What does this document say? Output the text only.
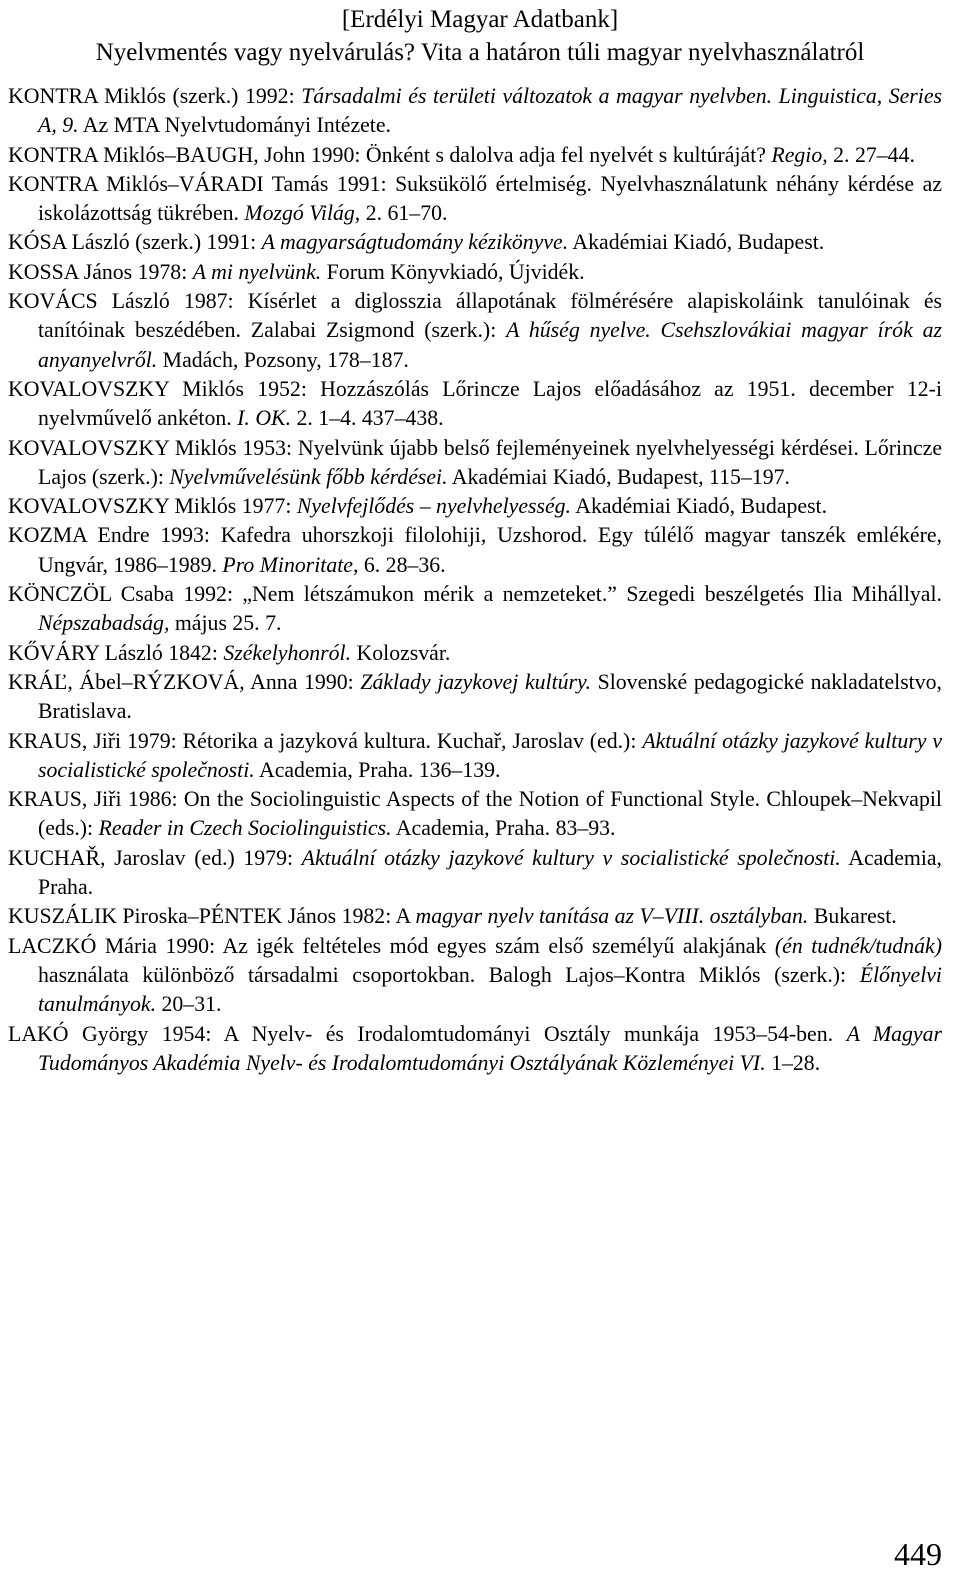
[Erdélyi Magyar Adatbank]
Nyelvmentés vagy nyelvárulás? Vita a határon túli magyar nyelvhasználatról

KONTRA Miklós (szerk.) 1992: Társadalmi és területi változatok a magyar nyelvben. Linguistica, Series A, 9. Az MTA Nyelvtudományi Intézete.

KONTRA Miklós–BAUGH, John 1990: Önként s dalolva adja fel nyelvét s kultúráját? Regio, 2. 27–44.

KONTRA Miklós–VÁRADI Tamás 1991: Suksükölő értelmiség. Nyelvhasználatunk néhány kérdése az iskolázottság tükrében. Mozgó Világ, 2. 61–70.

KÓSA László (szerk.) 1991: A magyarságtudomány kézikönyve. Akadémiai Kiadó, Budapest.

KOSSA János 1978: A mi nyelvünk. Forum Könyvkiadó, Újvidék.

KOVÁCS László 1987: Kísérlet a diglosszia állapotának fölmérésére alapiskoláink tanulóinak és tanítóinak beszédében. Zalabai Zsigmond (szerk.): A hűség nyelve. Csehszlovákiai magyar írók az anyanyelvről. Madách, Pozsony, 178–187.

KOVALOVSZKY Miklós 1952: Hozzászólás Lőrincze Lajos előadásához az 1951. december 12-i nyelvművelő ankéton. I. OK. 2. 1–4. 437–438.

KOVALOVSZKY Miklós 1953: Nyelvünk újabb belső fejleményeinek nyelvhelyességi kérdései. Lőrincze Lajos (szerk.): Nyelvművelésünk főbb kérdései. Akadémiai Kiadó, Budapest, 115–197.

KOVALOVSZKY Miklós 1977: Nyelvfejlődés – nyelvhelyesség. Akadémiai Kiadó, Budapest.

KOZMA Endre 1993: Kafedra uhorszkoji filolohiji, Uzshorod. Egy túlélő magyar tanszék emlékére, Ungvár, 1986–1989. Pro Minoritate, 6. 28–36.

KÖNCZÖL Csaba 1992: „Nem létszámukon mérik a nemzeteket.” Szegedi beszélgetés Ilia Mihállyal. Népszabadság, május 25. 7.

KŐVÁRY László 1842: Székelyhonról. Kolozsvár.

KRÁĽ, Ábel–RÝZKOVÁ, Anna 1990: Základy jazykovej kultúry. Slovenské pedagogické nakladatelstvo, Bratislava.

KRAUS, Jiři 1979: Rétorika a jazyková kultura. Kuchař, Jaroslav (ed.): Aktuální otázky jazykové kultury v socialistické společnosti. Academia, Praha. 136–139.

KRAUS, Jiři 1986: On the Sociolinguistic Aspects of the Notion of Functional Style. Chloupek–Nekvapil (eds.): Reader in Czech Sociolinguistics. Academia, Praha. 83–93.

KUCHAŘ, Jaroslav (ed.) 1979: Aktuální otázky jazykové kultury v socialistické společnosti. Academia, Praha.

KUSZÁLIK Piroska–PÉNTEK János 1982: A magyar nyelv tanítása az V–VIII. osztályban. Bukarest.

LACZKÓ Mária 1990: Az igék feltételes mód egyes szám első személyű alakjának (én tudnék/tudnák) használata különböző társadalmi csoportokban. Balogh Lajos–Kontra Miklós (szerk.): Élőnyelvi tanulmányok. 20–31.

LAKÓ György 1954: A Nyelv- és Irodalomtudományi Osztály munkája 1953–54-ben. A Magyar Tudományos Akadémia Nyelv- és Irodalomtudományi Osztályának Közleményei VI. 1–28.

449
